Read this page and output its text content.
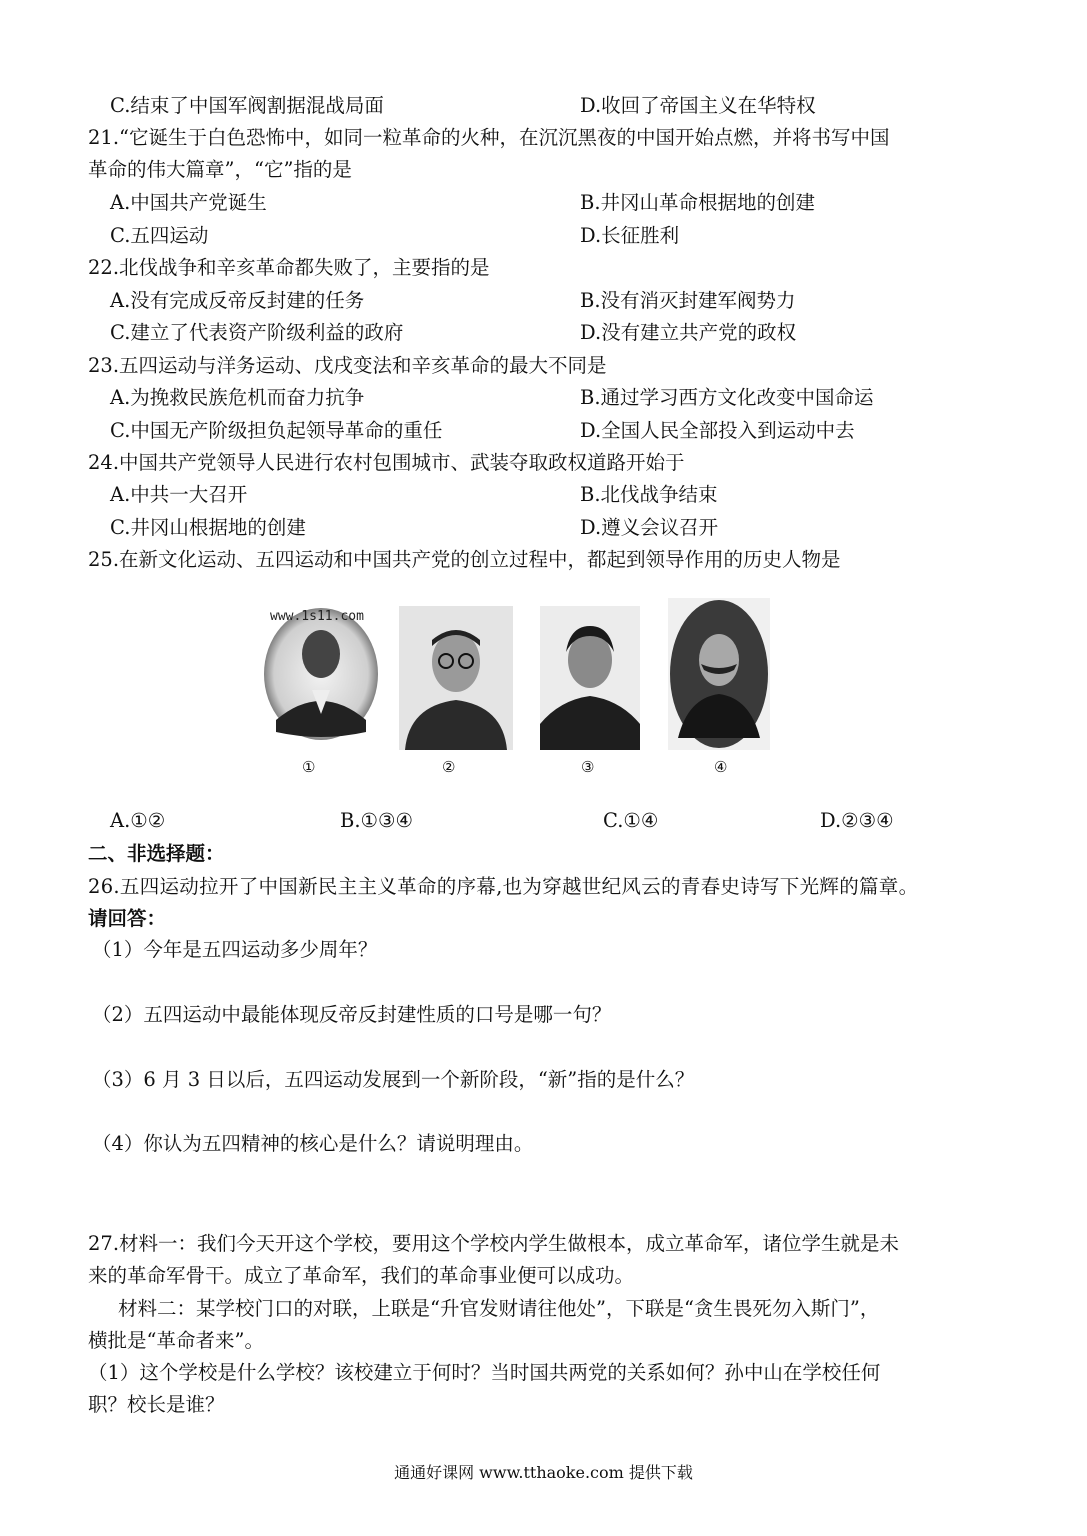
C.结束了中国军阀割据混战局面	D.收回了帝国主义在华特权
21.“它诞生于白色恐怖中，如同一粒革命的火种，在沉沉黑夜的中国开始点燃，并将书写中国
革命的伟大篇章”，“它”指的是
A.中国共产党诞生	B.井冈山革命根据地的创建
C.五四运动	D.长征胜利
22.北伐战争和辛亥革命都失败了，主要指的是
A.没有完成反帝反封建的任务	B.没有消灭封建军阀势力
C.建立了代表资产阶级利益的政府	D.没有建立共产党的政权
23.五四运动与洋务运动、戊戌变法和辛亥革命的最大不同是
A.为挽救民族危机而奋力抗争	B.通过学习西方文化改变中国命运
C.中国无产阶级担负起领导革命的重任	D.全国人民全部投入到运动中去
24.中国共产党领导人民进行农村包围城市、武装夺取政权道路开始于
A.中共一大召开	B.北伐战争结束
C.井冈山根据地的创建	D.遵义会议召开
25.在新文化运动、五四运动和中国共产党的创立过程中，都起到领导作用的历史人物是
www.1s11.com
①	②	③	④
A.①②	B.①③④	C.①④	D.②③④
二、非选择题：
26.五四运动拉开了中国新民主主义革命的序幕,也为穿越世纪风云的青春史诗写下光辉的篇章。
请回答：
（1）今年是五四运动多少周年？
（2）五四运动中最能体现反帝反封建性质的口号是哪一句？
（3）6 月 3 日以后，五四运动发展到一个新阶段，“新”指的是什么？
（4）你认为五四精神的核心是什么？请说明理由。
27.材料一：我们今天开这个学校，要用这个学校内学生做根本，成立革命军，诸位学生就是未
来的革命军骨干。成立了革命军，我们的革命事业便可以成功。
材料二：某学校门口的对联，上联是“升官发财请往他处”，下联是“贪生畏死勿入斯门”，
横批是“革命者来”。
（1）这个学校是什么学校？该校建立于何时？当时国共两党的关系如何？孙中山在学校任何
职？校长是谁？
通通好课网 www.tthaoke.com 提供下载
